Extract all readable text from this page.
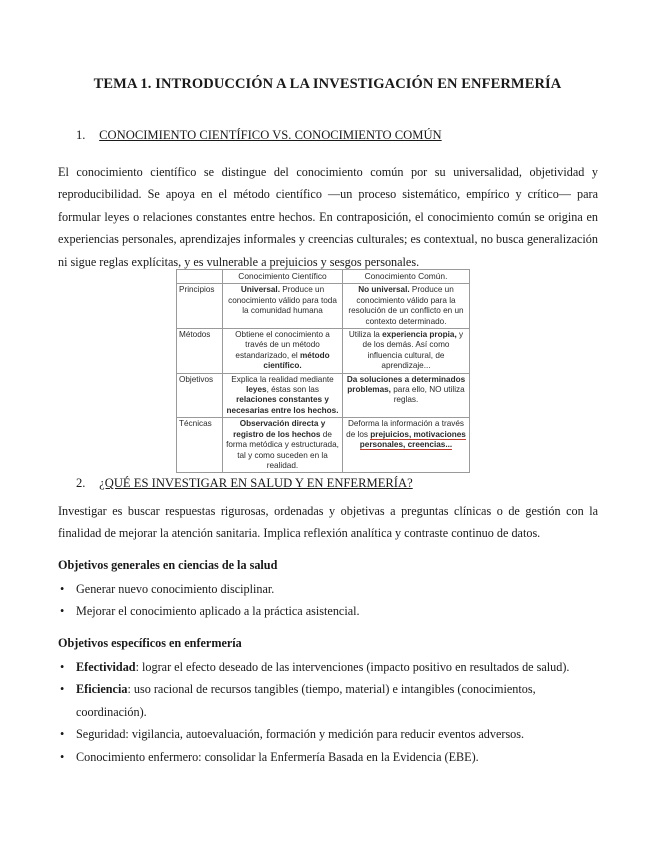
TEMA 1. INTRODUCCIÓN A LA INVESTIGACIÓN EN ENFERMERÍA
1. CONOCIMIENTO CIENTÍFICO VS. CONOCIMIENTO COMÚN
El conocimiento científico se distingue del conocimiento común por su universalidad, objetividad y reproducibilidad. Se apoya en el método científico —un proceso sistemático, empírico y crítico— para formular leyes o relaciones constantes entre hechos. En contraposición, el conocimiento común se origina en experiencias personales, aprendizajes informales y creencias culturales; es contextual, no busca generalización ni sigue reglas explícitas, y es vulnerable a prejuicios y sesgos personales.
	Conocimiento Científico	Conocimiento Común.
Principios	Universal. Produce un conocimiento válido para toda la comunidad humana	No universal. Produce un conocimiento válido para la resolución de un conflicto en un contexto determinado.
Métodos	Obtiene el conocimiento a través de un método estandarizado, el método científico.	Utiliza la experiencia propia, y de los demás. Así como influencia cultural, de aprendizaje...
Objetivos	Explica la realidad mediante leyes, éstas son las relaciones constantes y necesarias entre los hechos.	Da soluciones a determinados problemas, para ello, NO utiliza reglas.
Técnicas	Observación directa y registro de los hechos de forma metódica y estructurada, tal y como suceden en la realidad.	Deforma la información a través de los prejuicios, motivaciones personales, creencias...
2. ¿QUÉ ES INVESTIGAR EN SALUD Y EN ENFERMERÍA?
Investigar es buscar respuestas rigurosas, ordenadas y objetivas a preguntas clínicas o de gestión con la finalidad de mejorar la atención sanitaria. Implica reflexión analítica y contraste continuo de datos.
Objetivos generales en ciencias de la salud
• Generar nuevo conocimiento disciplinar.
• Mejorar el conocimiento aplicado a la práctica asistencial.
Objetivos específicos en enfermería
• Efectividad: lograr el efecto deseado de las intervenciones (impacto positivo en resultados de salud).
• Eficiencia: uso racional de recursos tangibles (tiempo, material) e intangibles (conocimientos, coordinación).
• Seguridad: vigilancia, autoevaluación, formación y medición para reducir eventos adversos.
• Conocimiento enfermero: consolidar la Enfermería Basada en la Evidencia (EBE).
